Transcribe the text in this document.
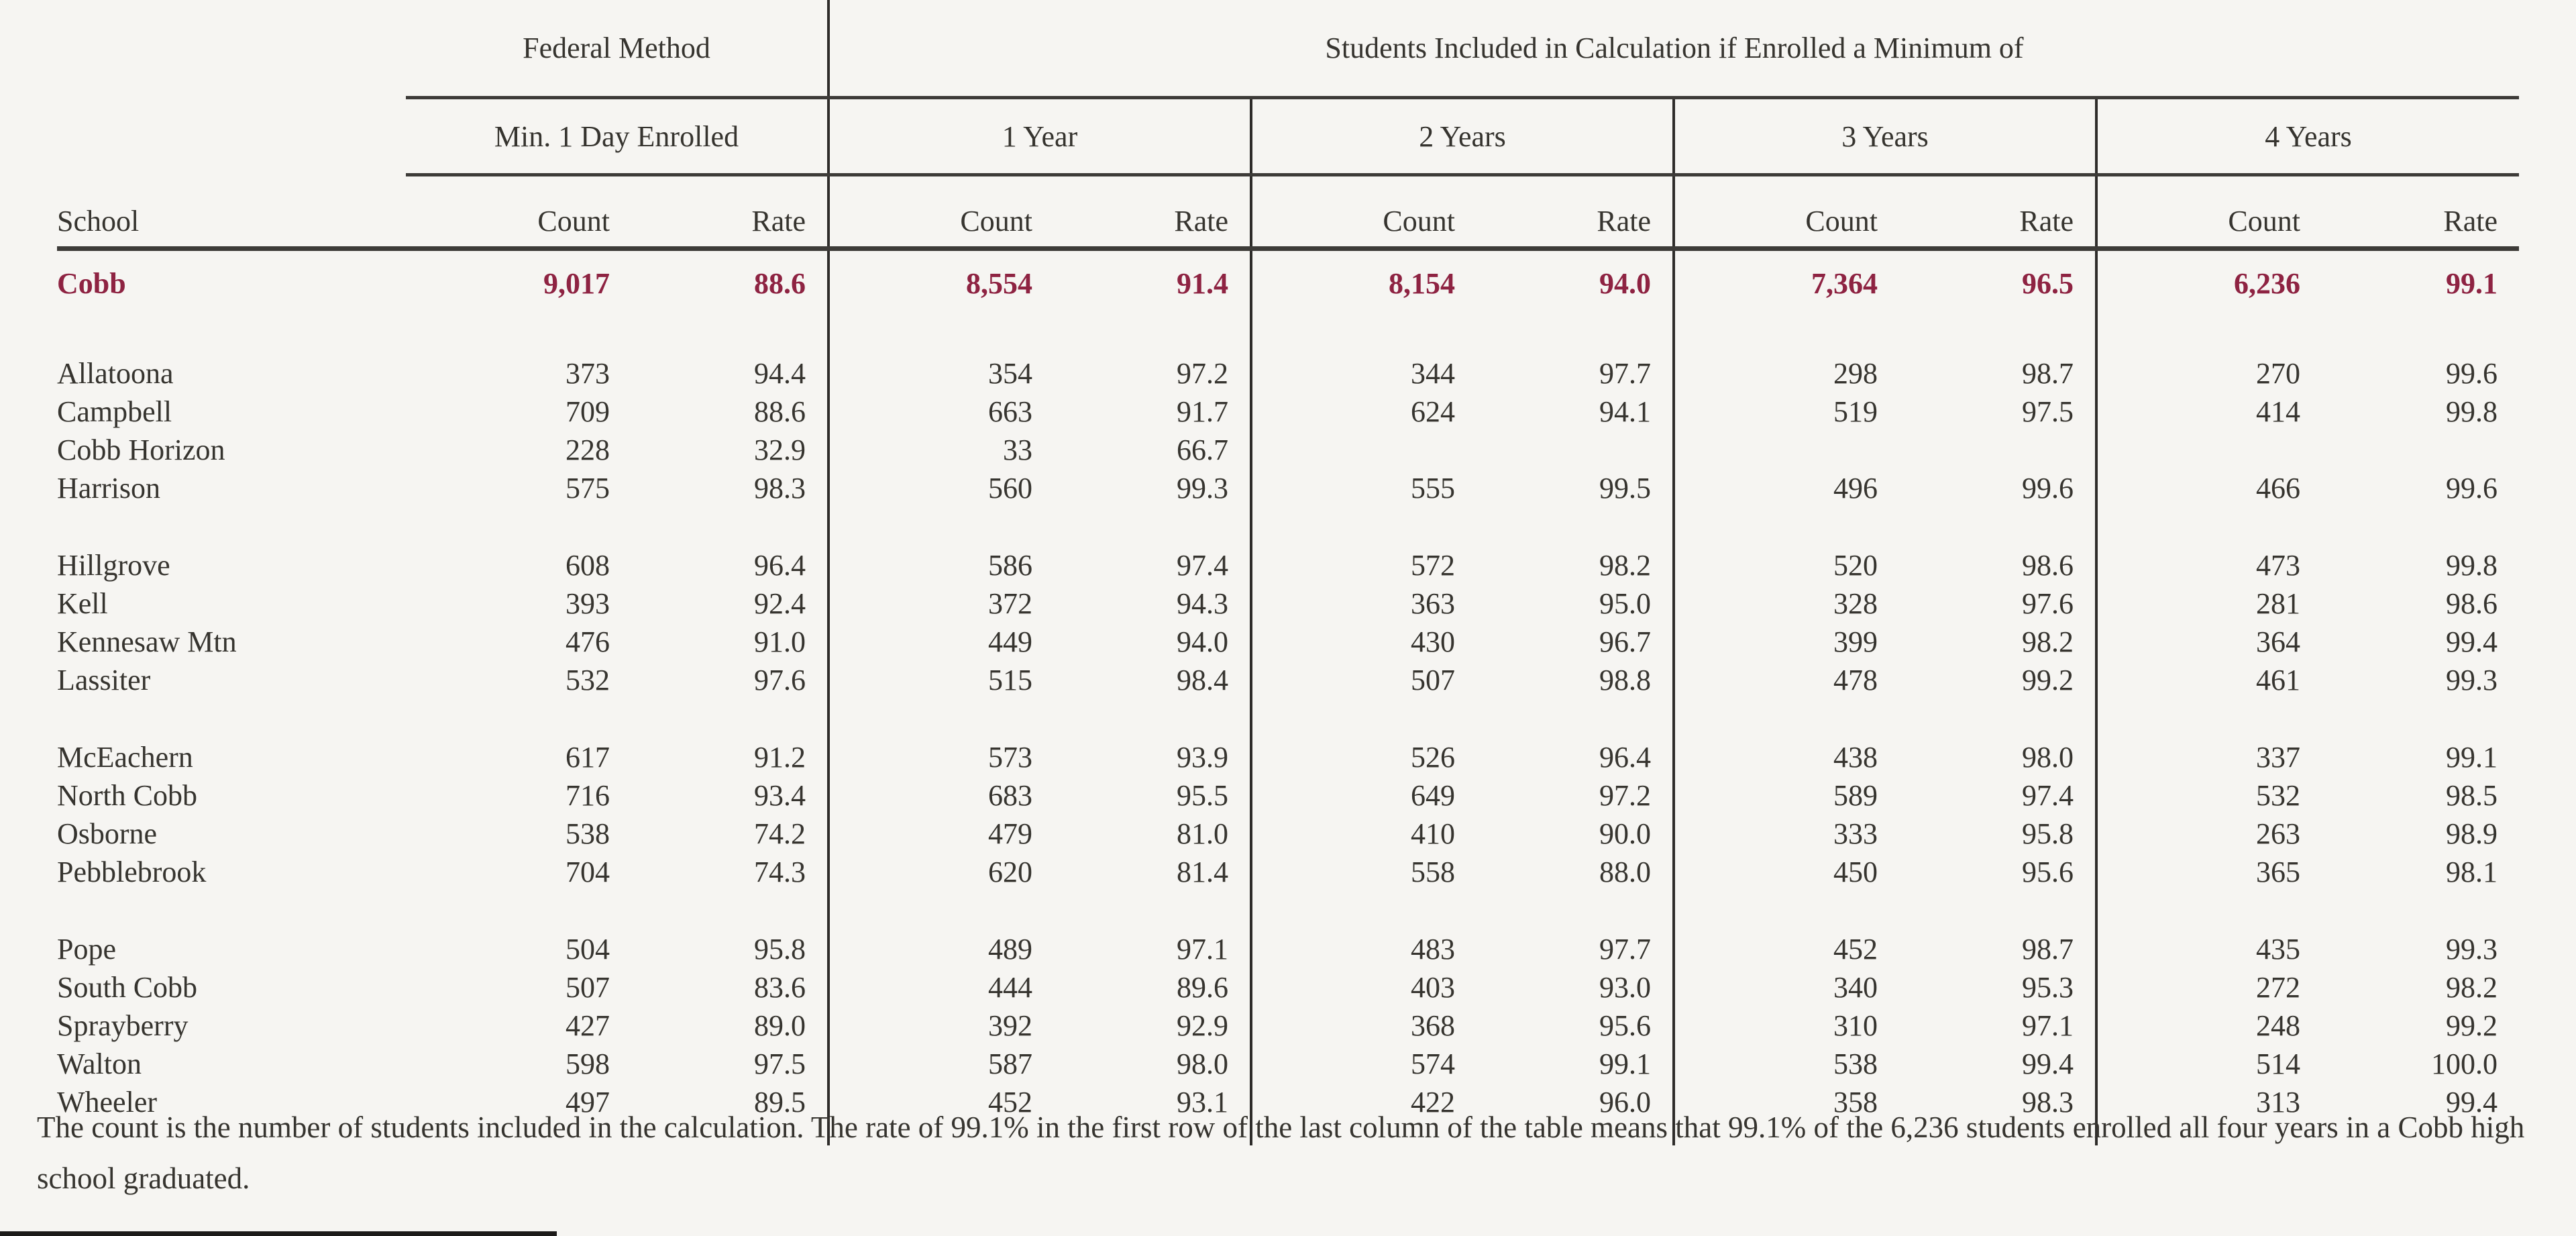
	Federal Method		Students Included in Calculation if Enrolled a Minimum of							
	Min. 1 Day Enrolled		1 Year		2 Years		3 Years		4 Years	
School	Count	Rate	Count	Rate	Count	Rate	Count	Rate	Count	Rate
Cobb	9,017	88.6	8,554	91.4	8,154	94.0	7,364	96.5	6,236	99.1

Allatoona	373	94.4	354	97.2	344	97.7	298	98.7	270	99.6
Campbell	709	88.6	663	91.7	624	94.1	519	97.5	414	99.8
Cobb Horizon	228	32.9	33	66.7						
Harrison	575	98.3	560	99.3	555	99.5	496	99.6	466	99.6

Hillgrove	608	96.4	586	97.4	572	98.2	520	98.6	473	99.8
Kell	393	92.4	372	94.3	363	95.0	328	97.6	281	98.6
Kennesaw Mtn	476	91.0	449	94.0	430	96.7	399	98.2	364	99.4
Lassiter	532	97.6	515	98.4	507	98.8	478	99.2	461	99.3

McEachern	617	91.2	573	93.9	526	96.4	438	98.0	337	99.1
North Cobb	716	93.4	683	95.5	649	97.2	589	97.4	532	98.5
Osborne	538	74.2	479	81.0	410	90.0	333	95.8	263	98.9
Pebblebrook	704	74.3	620	81.4	558	88.0	450	95.6	365	98.1

Pope	504	95.8	489	97.1	483	97.7	452	98.7	435	99.3
South Cobb	507	83.6	444	89.6	403	93.0	340	95.3	272	98.2
Sprayberry	427	89.0	392	92.9	368	95.6	310	97.1	248	99.2
Walton	598	97.5	587	98.0	574	99.1	538	99.4	514	100.0
Wheeler	497	89.5	452	93.1	422	96.0	358	98.3	313	99.4

The count is the number of students included in the calculation. The rate of 99.1% in the first row of the last column of the table means that 99.1% of the 6,236 students enrolled all four years in a Cobb high school graduated.
